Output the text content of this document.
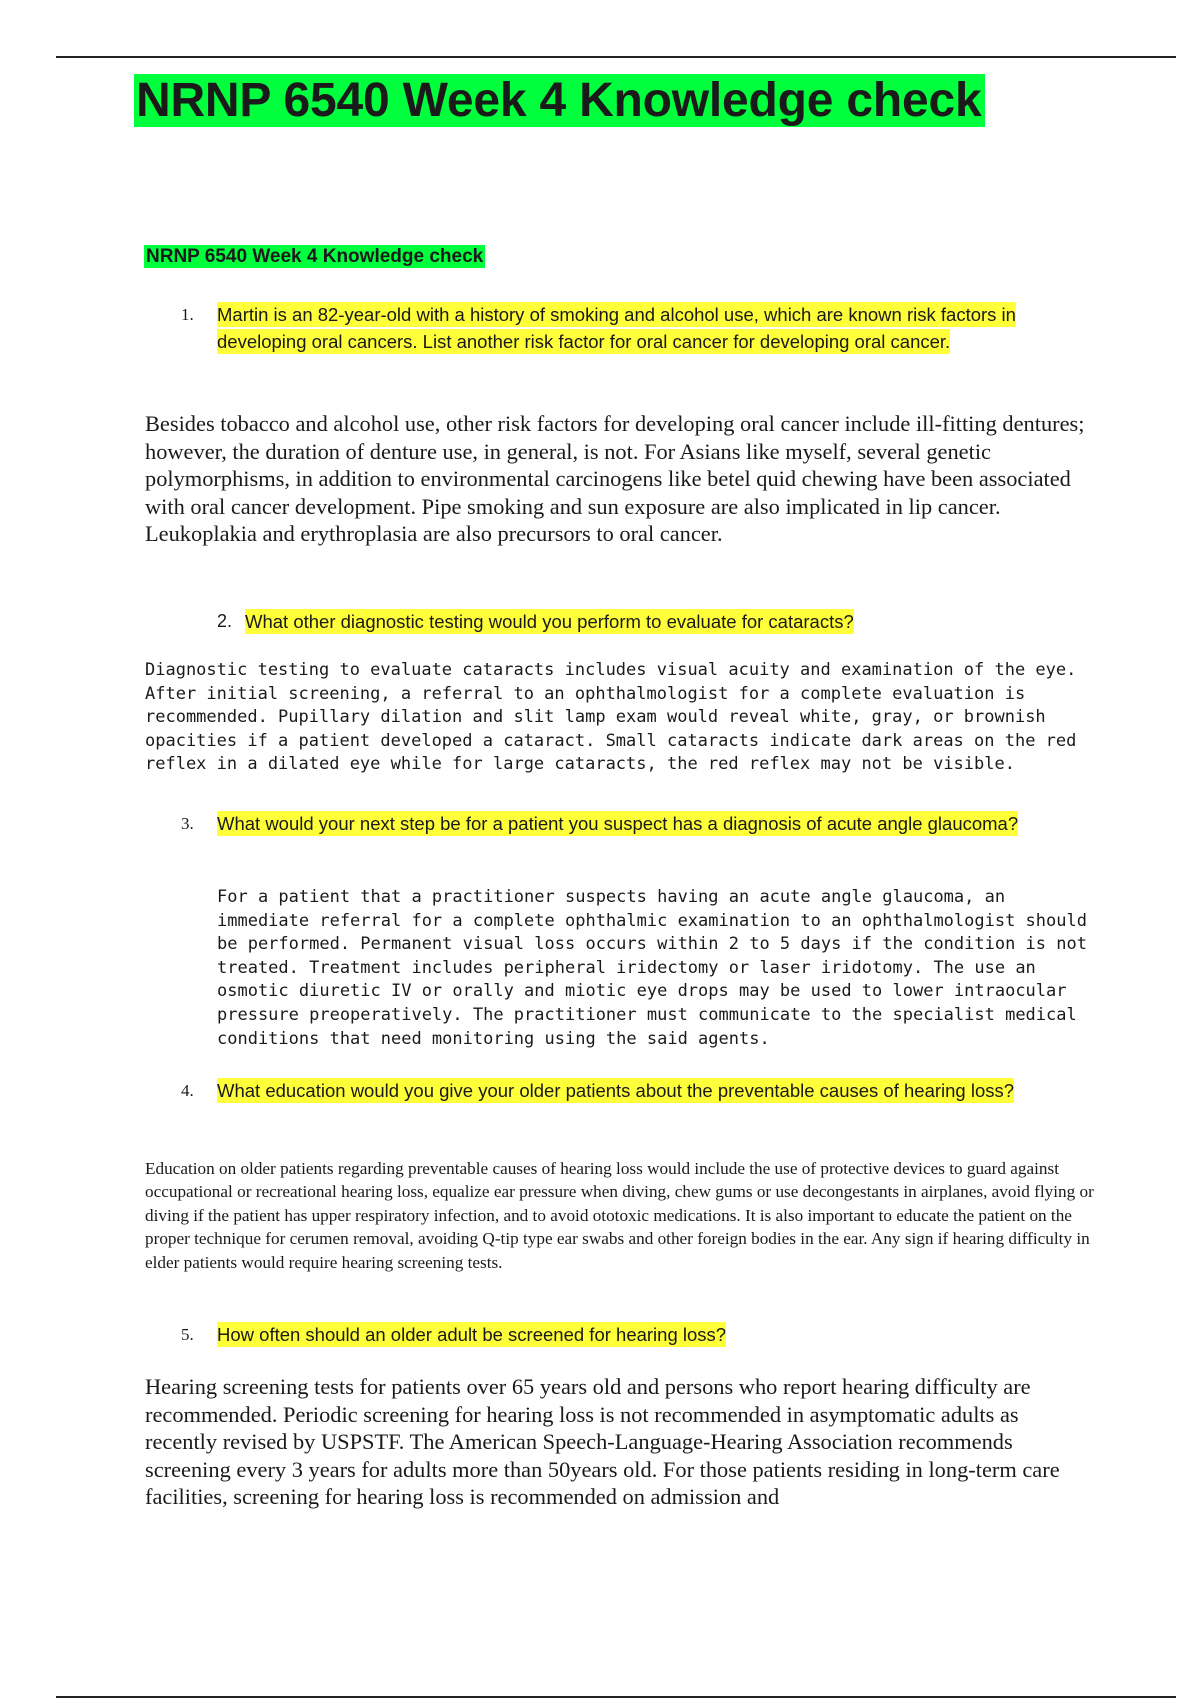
NRNP 6540 Week 4 Knowledge check
NRNP 6540 Week 4 Knowledge check
1. Martin is an 82-year-old with a history of smoking and alcohol use, which are known risk factors in developing oral cancers. List another risk factor for oral cancer for developing oral cancer.

Besides tobacco and alcohol use, other risk factors for developing oral cancer include ill-fitting dentures; however, the duration of denture use, in general, is not. For Asians like myself, several genetic polymorphisms, in addition to environmental carcinogens like betel quid chewing have been associated with oral cancer development. Pipe smoking and sun exposure are also implicated in lip cancer. Leukoplakia and erythroplasia are also precursors to oral cancer.

2. What other diagnostic testing would you perform to evaluate for cataracts?

Diagnostic testing to evaluate cataracts includes visual acuity and examination of the eye. After initial screening, a referral to an ophthalmologist for a complete evaluation is recommended. Pupillary dilation and slit lamp exam would reveal white, gray, or brownish opacities if a patient developed a cataract. Small cataracts indicate dark areas on the red reflex in a dilated eye while for large cataracts, the red reflex may not be visible.

3. What would your next step be for a patient you suspect has a diagnosis of acute angle glaucoma?

For a patient that a practitioner suspects having an acute angle glaucoma, an immediate referral for a complete ophthalmic examination to an ophthalmologist should be performed. Permanent visual loss occurs within 2 to 5 days if the condition is not treated. Treatment includes peripheral iridectomy or laser iridotomy. The use an osmotic diuretic IV or orally and miotic eye drops may be used to lower intraocular pressure preoperatively. The practitioner must communicate to the specialist medical conditions that need monitoring using the said agents.

4. What education would you give your older patients about the preventable causes of hearing loss?

Education on older patients regarding preventable causes of hearing loss would include the use of protective devices to guard against occupational or recreational hearing loss, equalize ear pressure when diving, chew gums or use decongestants in airplanes, avoid flying or diving if the patient has upper respiratory infection, and to avoid ototoxic medications. It is also important to educate the patient on the proper technique for cerumen removal, avoiding Q-tip type ear swabs and other foreign bodies in the ear. Any sign if hearing difficulty in elder patients would require hearing screening tests.

5. How often should an older adult be screened for hearing loss?

Hearing screening tests for patients over 65 years old and persons who report hearing difficulty are recommended. Periodic screening for hearing loss is not recommended in asymptomatic adults as recently revised by USPSTF. The American Speech-Language-Hearing Association recommends screening every 3 years for adults more than 50years old. For those patients residing in long-term care facilities, screening for hearing loss is recommended on admission and
